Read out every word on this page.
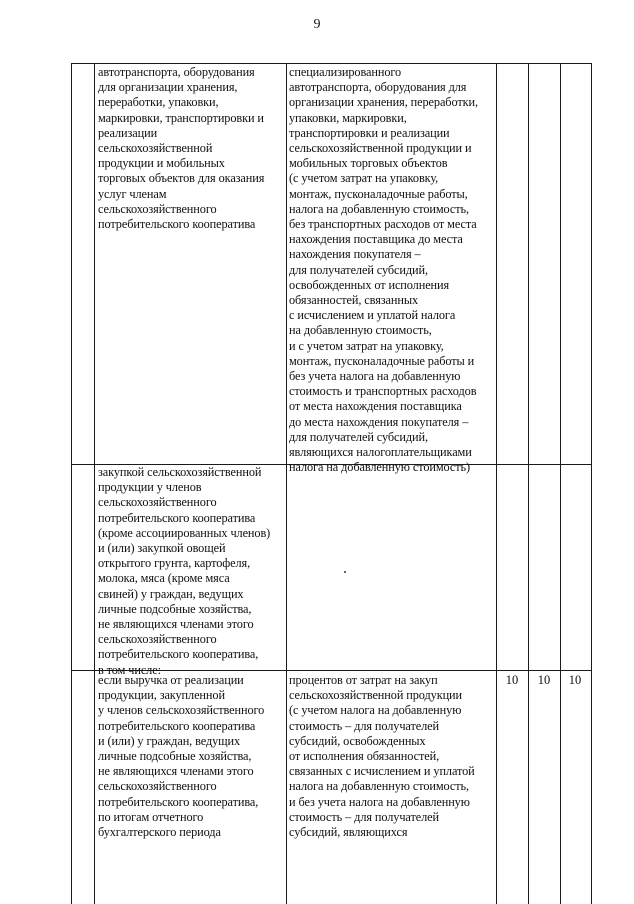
9
автотранспорта, оборудования
для организации хранения,
переработки, упаковки,
маркировки, транспортировки и
реализации
сельскохозяйственной
продукции и мобильных
торговых объектов для оказания
услуг членам
сельскохозяйственного
потребительского кооператива
специализированного
автотранспорта, оборудования для
организации хранения, переработки,
упаковки, маркировки,
транспортировки и реализации
сельскохозяйственной продукции и
мобильных торговых объектов
(с учетом затрат на упаковку,
монтаж, пусконаладочные работы,
налога на добавленную стоимость,
без транспортных расходов от места
нахождения поставщика до места
нахождения покупателя –
для получателей субсидий,
освобожденных от исполнения
обязанностей, связанных
с исчислением и уплатой налога
на добавленную стоимость,
и с учетом затрат на упаковку,
монтаж, пусконаладочные работы и
без учета налога на добавленную
стоимость и транспортных расходов
от места нахождения поставщика
до места нахождения покупателя –
для получателей субсидий,
являющихся налогоплательщиками
налога на добавленную стоимость)
закупкой сельскохозяйственной
продукции у членов
сельскохозяйственного
потребительского кооператива
(кроме ассоциированных членов)
и (или) закупкой овощей
открытого грунта, картофеля,
молока, мяса (кроме мяса
свиней) у граждан, ведущих
личные подсобные хозяйства,
не являющихся членами этого
сельскохозяйственного
потребительского кооператива,
в том числе:
если выручка от реализации
продукции, закупленной
у членов сельскохозяйственного
потребительского кооператива
и (или) у граждан, ведущих
личные подсобные хозяйства,
не являющихся членами этого
сельскохозяйственного
потребительского кооператива,
по итогам отчетного
бухгалтерского периода
процентов от затрат на закуп
сельскохозяйственной продукции
(с учетом налога на добавленную
стоимость – для получателей
субсидий, освобожденных
от исполнения обязанностей,
связанных с исчислением и уплатой
налога на добавленную стоимость,
и без учета налога на добавленную
стоимость – для получателей
субсидий, являющихся
10	10	10
